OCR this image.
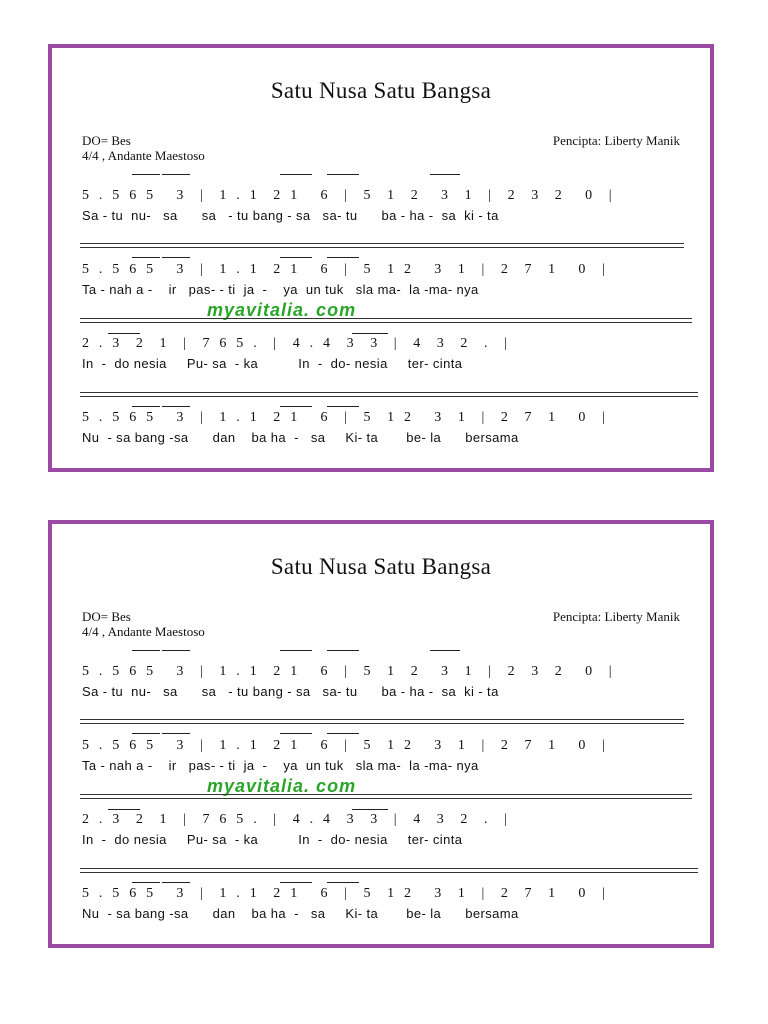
Satu Nusa Satu Bangsa
DO= Bes
4/4 , Andante Maestoso
Pencipta: Liberty Manik
5 . 5 6 5   3  |  1 . 1  2 1   6  |  5  1  2   3  1  |  2  3  2   0  |
Sa - tu  nu-   sa      sa   - tu bang - sa   sa- tu      ba - ha -  sa  ki - ta
5 . 5 6 5   3  |  1 . 1  2 1   6  |  5  1 2   3  1  |  2  7  1   0  |
Ta - nah a -    ir   pas- - ti  ja  -    ya  un tuk   sla ma-  la -ma- nya
myavitalia. com
2 . 3  2  1  |  7 6 5 .  |  4 . 4  3  3  |  4  3  2  .  |
In  -  do nesia     Pu- sa  - ka          In  -  do- nesia     ter- cinta
5 . 5 6 5   3  |  1 . 1  2 1   6  |  5  1 2   3  1  |  2  7  1   0  |
Nu  - sa bang -sa      dan    ba ha  -   sa     Ki- ta       be- la      bersama
Satu Nusa Satu Bangsa
DO= Bes
4/4 , Andante Maestoso
Pencipta: Liberty Manik
5 . 5 6 5   3  |  1 . 1  2 1   6  |  5  1  2   3  1  |  2  3  2   0  |
Sa - tu  nu-   sa      sa   - tu bang - sa   sa- tu      ba - ha -  sa  ki - ta
5 . 5 6 5   3  |  1 . 1  2 1   6  |  5  1 2   3  1  |  2  7  1   0  |
Ta - nah a -    ir   pas- - ti  ja  -    ya  un tuk   sla ma-  la -ma- nya
myavitalia. com
2 . 3  2  1  |  7 6 5 .  |  4 . 4  3  3  |  4  3  2  .  |
In  -  do nesia     Pu- sa  - ka          In  -  do- nesia     ter- cinta
5 . 5 6 5   3  |  1 . 1  2 1   6  |  5  1 2   3  1  |  2  7  1   0  |
Nu  - sa bang -sa      dan    ba ha  -   sa     Ki- ta       be- la      bersama
